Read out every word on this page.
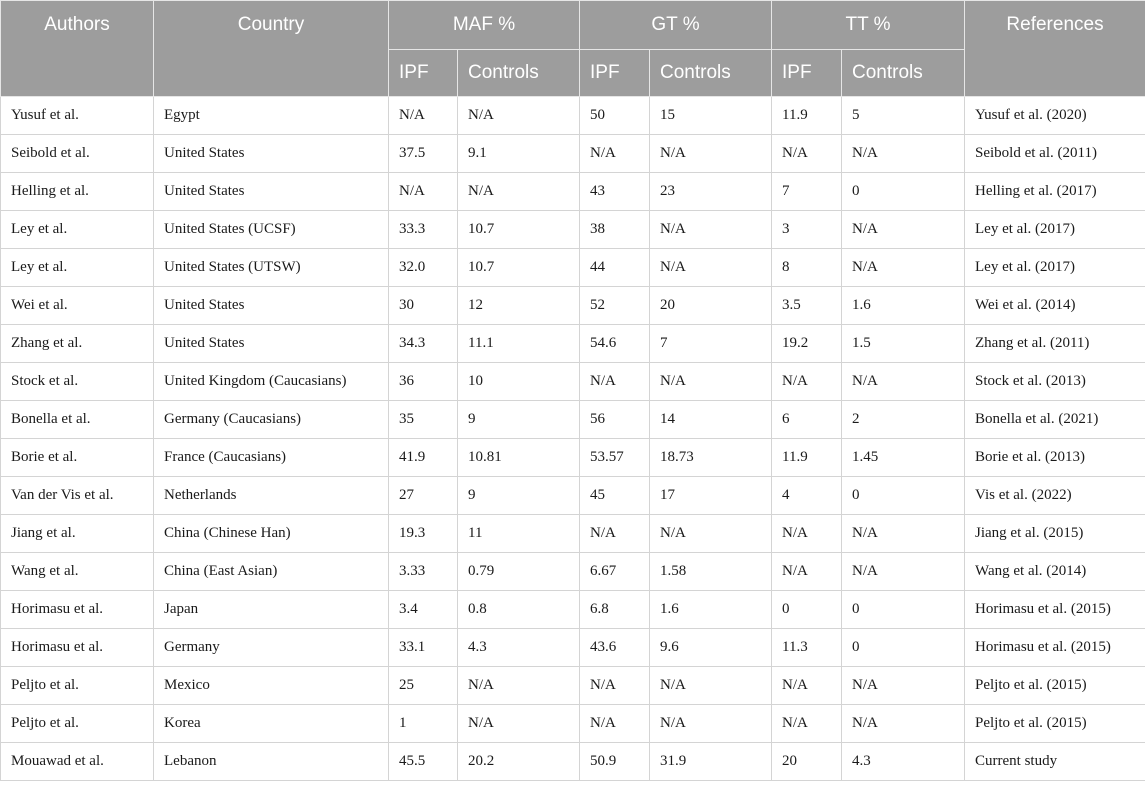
Authors	Country	MAF %		GT %		TT %		References
		IPF	Controls	IPF	Controls	IPF	Controls	
Yusuf et al.	Egypt	N/A	N/A	50	15	11.9	5	Yusuf et al. (2020)
Seibold et al.	United States	37.5	9.1	N/A	N/A	N/A	N/A	Seibold et al. (2011)
Helling et al.	United States	N/A	N/A	43	23	7	0	Helling et al. (2017)
Ley et al.	United States (UCSF)	33.3	10.7	38	N/A	3	N/A	Ley et al. (2017)
Ley et al.	United States (UTSW)	32.0	10.7	44	N/A	8	N/A	Ley et al. (2017)
Wei et al.	United States	30	12	52	20	3.5	1.6	Wei et al. (2014)
Zhang et al.	United States	34.3	11.1	54.6	7	19.2	1.5	Zhang et al. (2011)
Stock et al.	United Kingdom (Caucasians)	36	10	N/A	N/A	N/A	N/A	Stock et al. (2013)
Bonella et al.	Germany (Caucasians)	35	9	56	14	6	2	Bonella et al. (2021)
Borie et al.	France (Caucasians)	41.9	10.81	53.57	18.73	11.9	1.45	Borie et al. (2013)
Van der Vis et al.	Netherlands	27	9	45	17	4	0	Vis et al. (2022)
Jiang et al.	China (Chinese Han)	19.3	11	N/A	N/A	N/A	N/A	Jiang et al. (2015)
Wang et al.	China (East Asian)	3.33	0.79	6.67	1.58	N/A	N/A	Wang et al. (2014)
Horimasu et al.	Japan	3.4	0.8	6.8	1.6	0	0	Horimasu et al. (2015)
Horimasu et al.	Germany	33.1	4.3	43.6	9.6	11.3	0	Horimasu et al. (2015)
Peljto et al.	Mexico	25	N/A	N/A	N/A	N/A	N/A	Peljto et al. (2015)
Peljto et al.	Korea	1	N/A	N/A	N/A	N/A	N/A	Peljto et al. (2015)
Mouawad et al.	Lebanon	45.5	20.2	50.9	31.9	20	4.3	Current study
